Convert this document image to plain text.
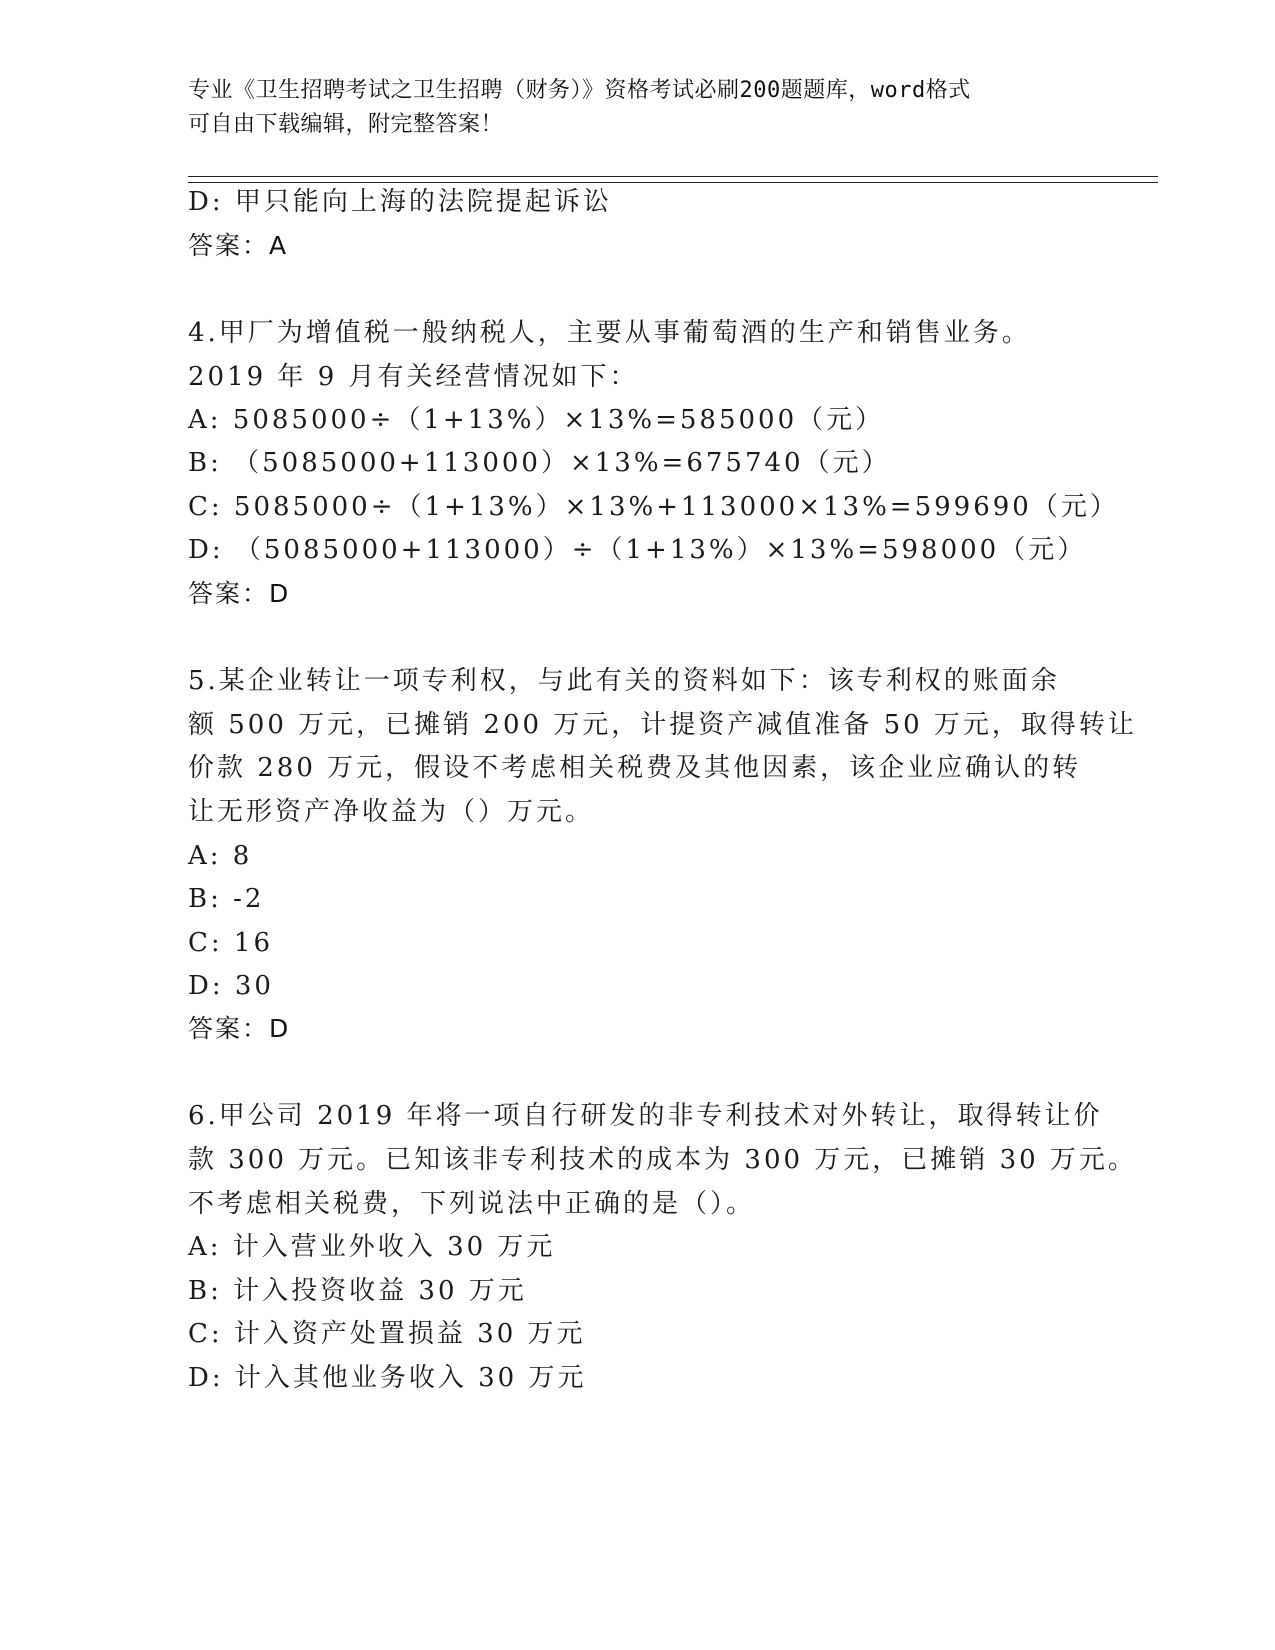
专业《卫生招聘考试之卫生招聘（财务）》资格考试必刷200题题库，word格式
可自由下载编辑，附完整答案！
D: 甲只能向上海的法院提起诉讼
答案：A
4.甲厂为增值税一般纳税人，主要从事葡萄酒的生产和销售业务。
2019 年 9 月有关经营情况如下：
A: 5085000÷（1+13%）×13%=585000（元）
B: （5085000+113000）×13%=675740（元）
C: 5085000÷（1+13%）×13%+113000×13%=599690（元）
D: （5085000+113000）÷（1+13%）×13%=598000（元）
答案：D
5.某企业转让一项专利权，与此有关的资料如下：该专利权的账面余
额 500 万元，已摊销 200 万元，计提资产减值准备 50 万元，取得转让
价款 280 万元，假设不考虑相关税费及其他因素，该企业应确认的转
让无形资产净收益为（）万元。
A: 8
B: -2
C: 16
D: 30
答案：D
6.甲公司 2019 年将一项自行研发的非专利技术对外转让，取得转让价
款 300 万元。已知该非专利技术的成本为 300 万元，已摊销 30 万元。
不考虑相关税费，下列说法中正确的是（）。
A: 计入营业外收入 30 万元
B: 计入投资收益 30 万元
C: 计入资产处置损益 30 万元
D: 计入其他业务收入 30 万元
